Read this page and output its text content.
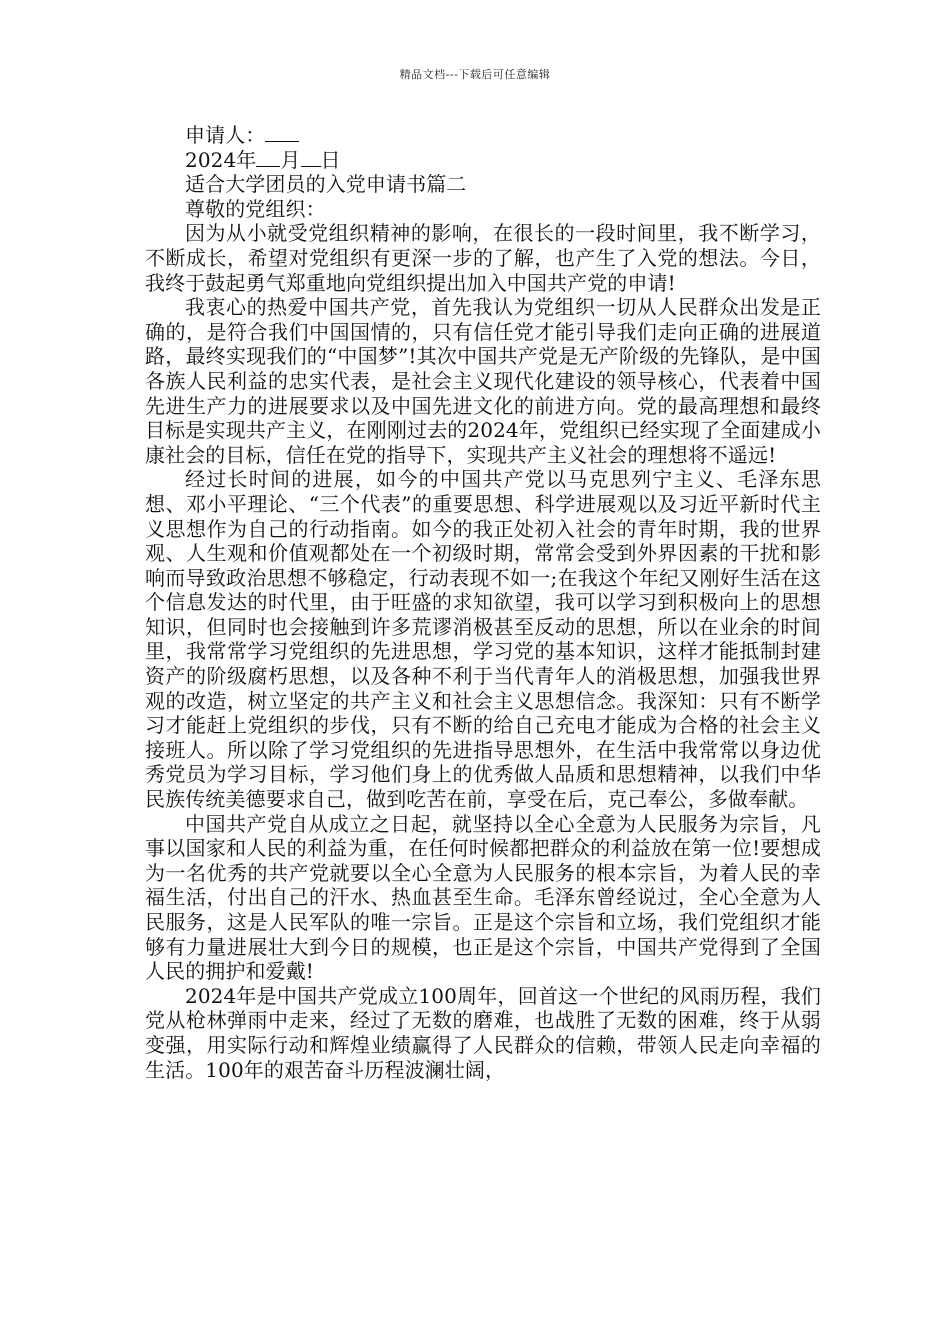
精品文档---下载后可任意编辑

申请人：

2024年 月 日

适合大学团员的入党申请书篇二

尊敬的党组织：

因为从小就受党组织精神的影响，在很长的一段时间里，我不断学习，不断成长，希望对党组织有更深一步的了解，也产生了入党的想法。今日，我终于鼓起勇气郑重地向党组织提出加入中国共产党的申请!

我衷心的热爱中国共产党，首先我认为党组织一切从人民群众出发是正确的，是符合我们中国国情的，只有信任党才能引导我们走向正确的进展道路，最终实现我们的“中国梦”!其次中国共产党是无产阶级的先锋队，是中国各族人民利益的忠实代表，是社会主义现代化建设的领导核心，代表着中国先进生产力的进展要求以及中国先进文化的前进方向。党的最高理想和最终目标是实现共产主义，在刚刚过去的2024年，党组织已经实现了全面建成小康社会的目标，信任在党的指导下，实现共产主义社会的理想将不遥远!

经过长时间的进展，如今的中国共产党以马克思列宁主义、毛泽东思想、邓小平理论、“三个代表”的重要思想、科学进展观以及习近平新时代主义思想作为自己的行动指南。如今的我正处初入社会的青年时期，我的世界观、人生观和价值观都处在一个初级时期，常常会受到外界因素的干扰和影响而导致政治思想不够稳定，行动表现不如一;在我这个年纪又刚好生活在这个信息发达的时代里，由于旺盛的求知欲望，我可以学习到积极向上的思想知识，但同时也会接触到许多荒谬消极甚至反动的思想，所以在业余的时间里，我常常学习党组织的先进思想，学习党的基本知识，这样才能抵制封建资产的阶级腐朽思想，以及各种不利于当代青年人的消极思想，加强我世界观的改造，树立坚定的共产主义和社会主义思想信念。我深知：只有不断学习才能赶上党组织的步伐，只有不断的给自己充电才能成为合格的社会主义接班人。所以除了学习党组织的先进指导思想外，在生活中我常常以身边优秀党员为学习目标，学习他们身上的优秀做人品质和思想精神，以我们中华民族传统美德要求自己，做到吃苦在前，享受在后，克己奉公，多做奉献。

中国共产党自从成立之日起，就坚持以全心全意为人民服务为宗旨，凡事以国家和人民的利益为重，在任何时候都把群众的利益放在第一位!要想成为一名优秀的共产党就要以全心全意为人民服务的根本宗旨，为着人民的幸福生活，付出自己的汗水、热血甚至生命。毛泽东曾经说过，全心全意为人民服务，这是人民军队的唯一宗旨。正是这个宗旨和立场，我们党组织才能够有力量进展壮大到今日的规模，也正是这个宗旨，中国共产党得到了全国人民的拥护和爱戴!

2024年是中国共产党成立100周年，回首这一个世纪的风雨历程，我们党从枪林弹雨中走来，经过了无数的磨难，也战胜了无数的困难，终于从弱变强，用实际行动和辉煌业绩赢得了人民群众的信赖，带领人民走向幸福的生活。100年的艰苦奋斗历程波澜壮阔，
